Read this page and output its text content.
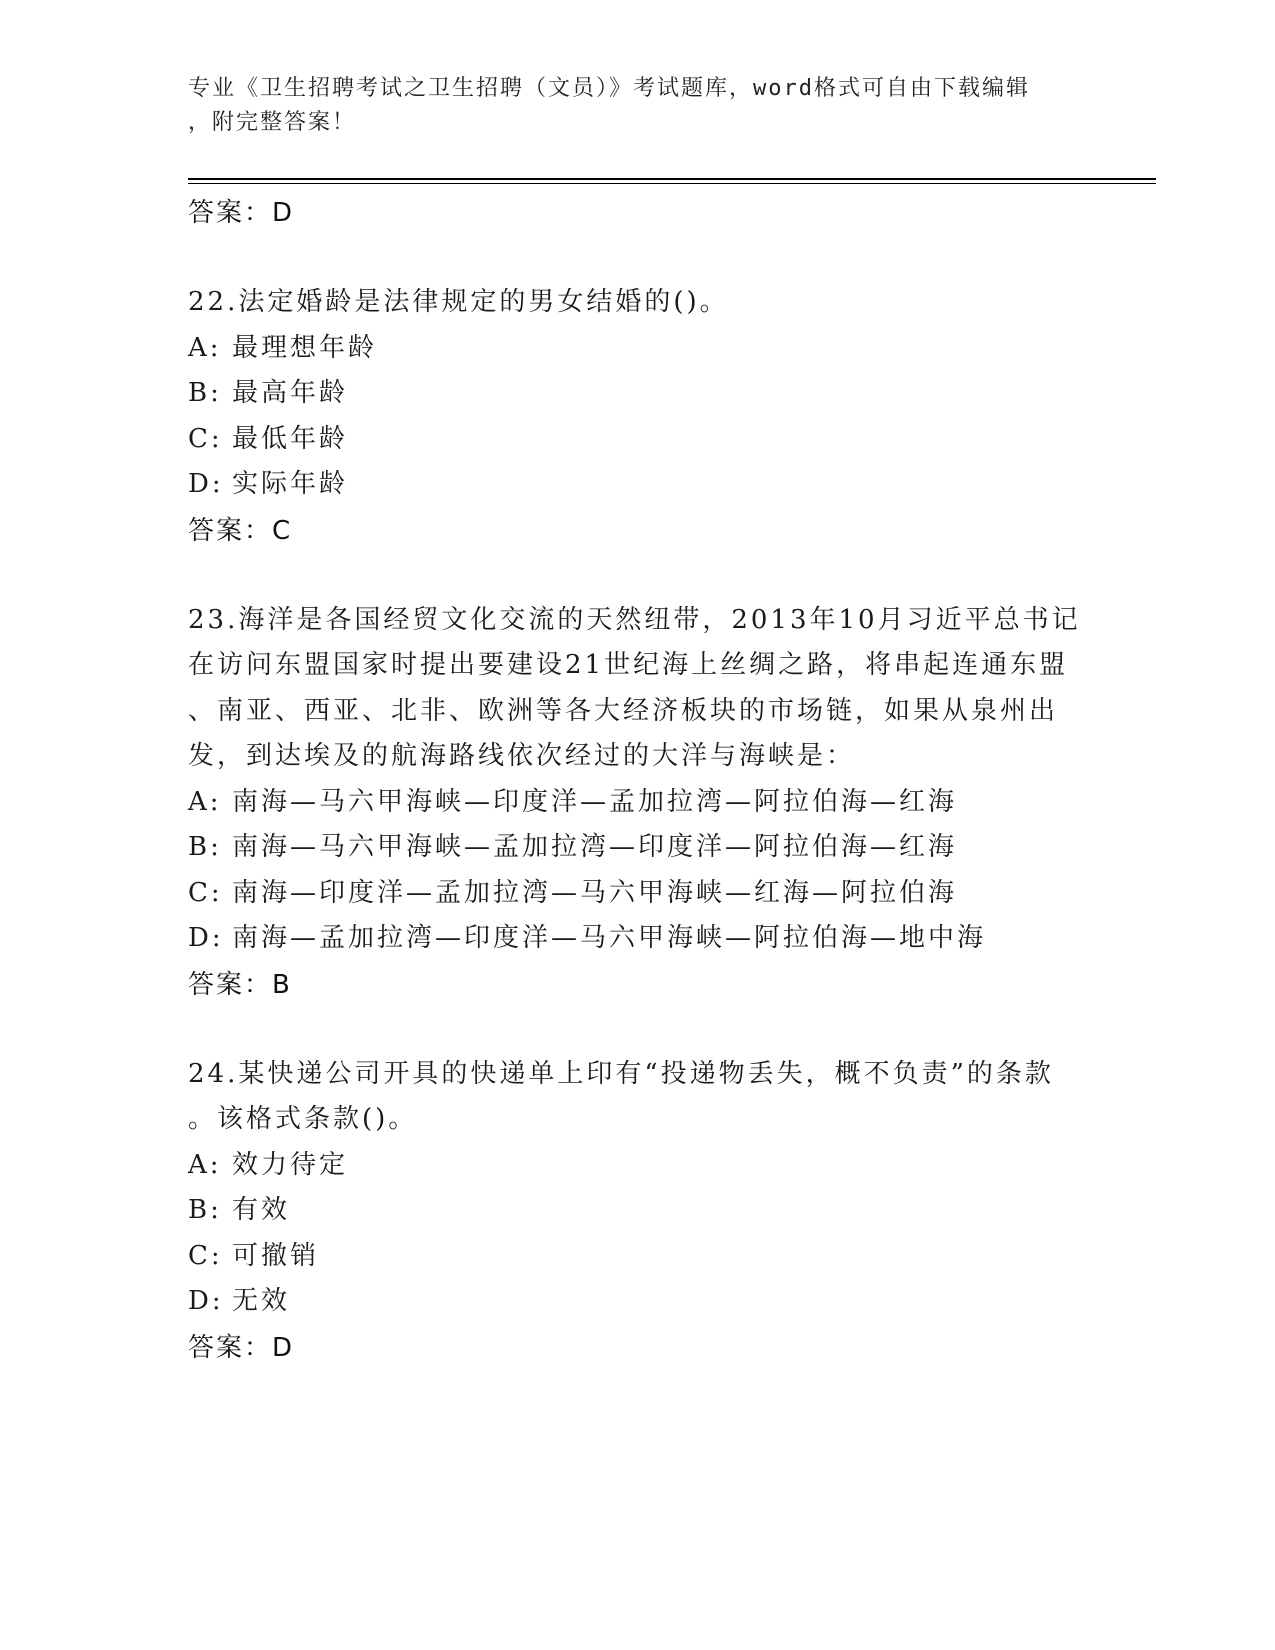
专业《卫生招聘考试之卫生招聘（文员）》考试题库，word格式可自由下载编辑
，附完整答案！
答案：D
22.法定婚龄是法律规定的男女结婚的()。
A: 最理想年龄
B: 最高年龄
C: 最低年龄
D: 实际年龄
答案：C
23.海洋是各国经贸文化交流的天然纽带，2013年10月习近平总书记
在访问东盟国家时提出要建设21世纪海上丝绸之路，将串起连通东盟
、南亚、西亚、北非、欧洲等各大经济板块的市场链，如果从泉州出
发，到达埃及的航海路线依次经过的大洋与海峡是：
A: 南海—马六甲海峡—印度洋—孟加拉湾—阿拉伯海—红海
B: 南海—马六甲海峡—孟加拉湾—印度洋—阿拉伯海—红海
C: 南海—印度洋—孟加拉湾—马六甲海峡—红海—阿拉伯海
D: 南海—孟加拉湾—印度洋—马六甲海峡—阿拉伯海—地中海
答案：B
24.某快递公司开具的快递单上印有“投递物丢失，概不负责”的条款
。该格式条款()。
A: 效力待定
B: 有效
C: 可撤销
D: 无效
答案：D
